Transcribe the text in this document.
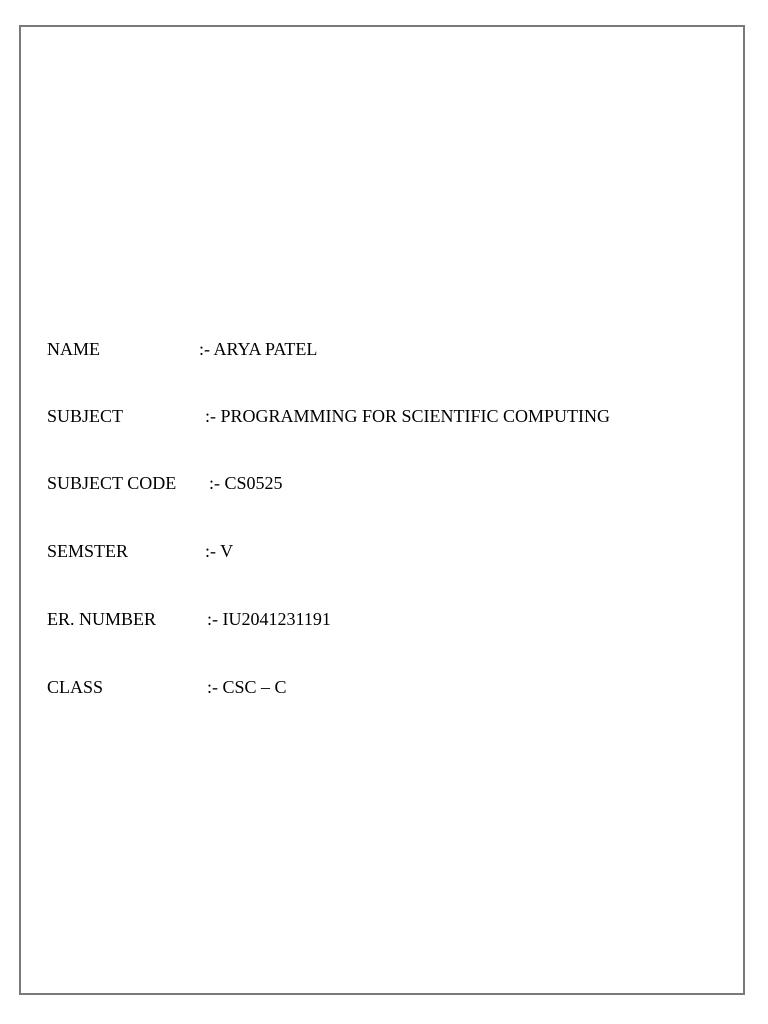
NAME	:- ARYA PATEL
SUBJECT	:- PROGRAMMING FOR SCIENTIFIC COMPUTING
SUBJECT CODE :- CS0525
SEMSTER	:- V
ER. NUMBER	:- IU2041231191
CLASS	:- CSC – C
